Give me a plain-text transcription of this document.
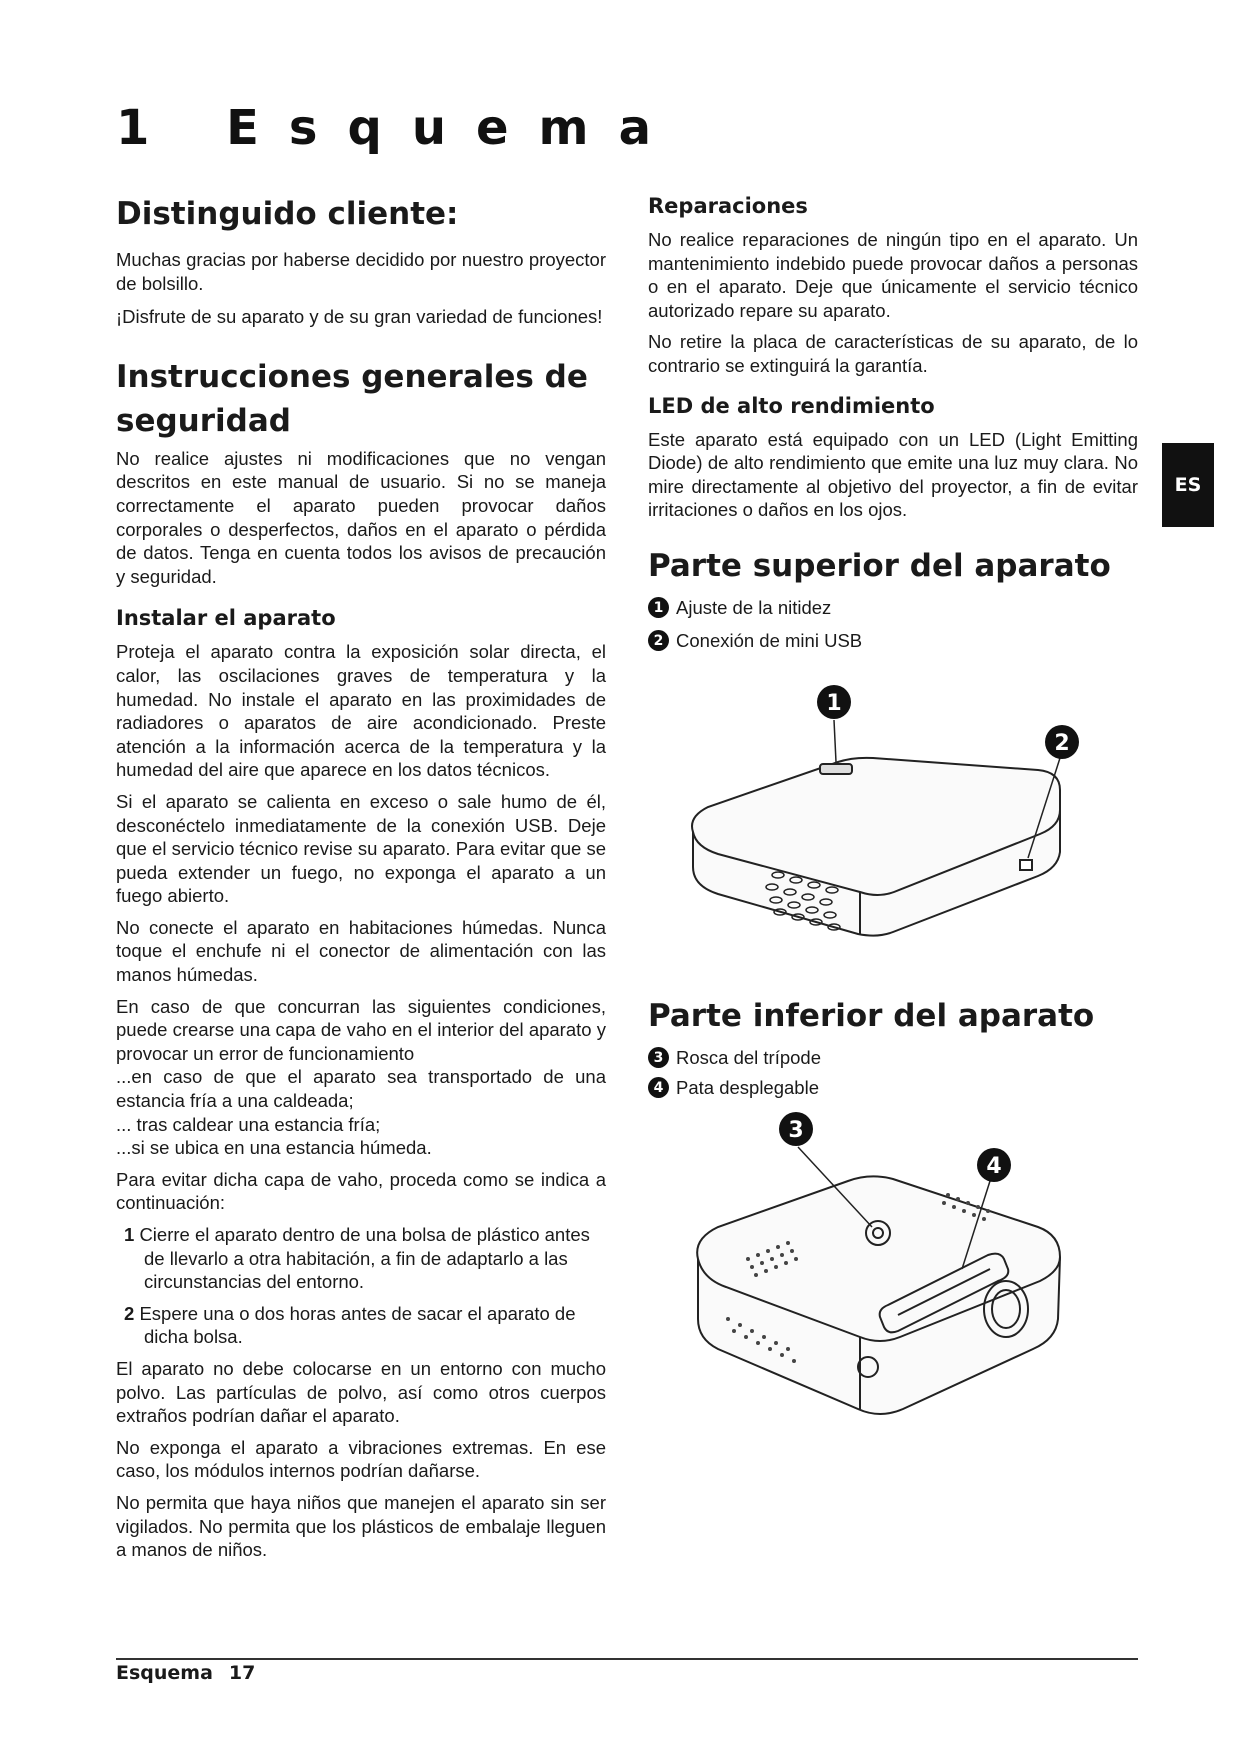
1 Esquema
Distinguido cliente:

Muchas gracias por haberse decidido por nuestro proyector de bolsillo.

¡Disfrute de su aparato y de su gran variedad de funciones!

Instrucciones generales de seguridad

No realice ajustes ni modificaciones que no vengan descritos en este manual de usuario. Si no se maneja correctamente el aparato pueden provocar daños corporales o desperfectos, daños en el aparato o pérdida de datos. Tenga en cuenta todos los avisos de precaución y seguridad.

Instalar el aparato

Proteja el aparato contra la exposición solar directa, el calor, las oscilaciones graves de temperatura y la humedad. No instale el aparato en las proximidades de radiadores o aparatos de aire acondicionado. Preste atención a la información acerca de la temperatura y la humedad del aire que aparece en los datos técnicos.

Si el aparato se calienta en exceso o sale humo de él, desconéctelo inmediatamente de la conexión USB. Deje que el servicio técnico revise su aparato. Para evitar que se pueda extender un fuego, no exponga el aparato a un fuego abierto.

No conecte el aparato en habitaciones húmedas. Nunca toque el enchufe ni el conector de alimentación con las manos húmedas.

En caso de que concurran las siguientes condiciones, puede crearse una capa de vaho en el interior del aparato y provocar un error de funcionamiento

...en caso de que el aparato sea transportado de una estancia fría a una caldeada;

... tras caldear una estancia fría;

...si se ubica en una estancia húmeda.

Para evitar dicha capa de vaho, proceda como se indica a continuación:

1 Cierre el aparato dentro de una bolsa de plástico antes de llevarlo a otra habitación, a fin de adaptarlo a las circunstancias del entorno.
2 Espere una o dos horas antes de sacar el aparato de dicha bolsa.

El aparato no debe colocarse en un entorno con mucho polvo. Las partículas de polvo, así como otros cuerpos extraños podrían dañar el aparato.

No exponga el aparato a vibraciones extremas. En ese caso, los módulos internos podrían dañarse.

No permita que haya niños que manejen el aparato sin ser vigilados. No permita que los plásticos de embalaje lleguen a manos de niños.

Reparaciones

No realice reparaciones de ningún tipo en el aparato. Un mantenimiento indebido puede provocar daños a personas o en el aparato. Deje que únicamente el servicio técnico autorizado repare su aparato.

No retire la placa de características de su aparato, de lo contrario se extinguirá la garantía.

LED de alto rendimiento

Este aparato está equipado con un LED (Light Emitting Diode) de alto rendimiento que emite una luz muy clara. No mire directamente al objetivo del proyector, a fin de evitar irritaciones o daños en los ojos.

Parte superior del aparato
1 Ajuste de la nitidez
2 Conexión de mini USB
1
2
Parte inferior del aparato
3 Rosca del trípode
4 Pata desplegable
3
4
ES
Esquema 17
